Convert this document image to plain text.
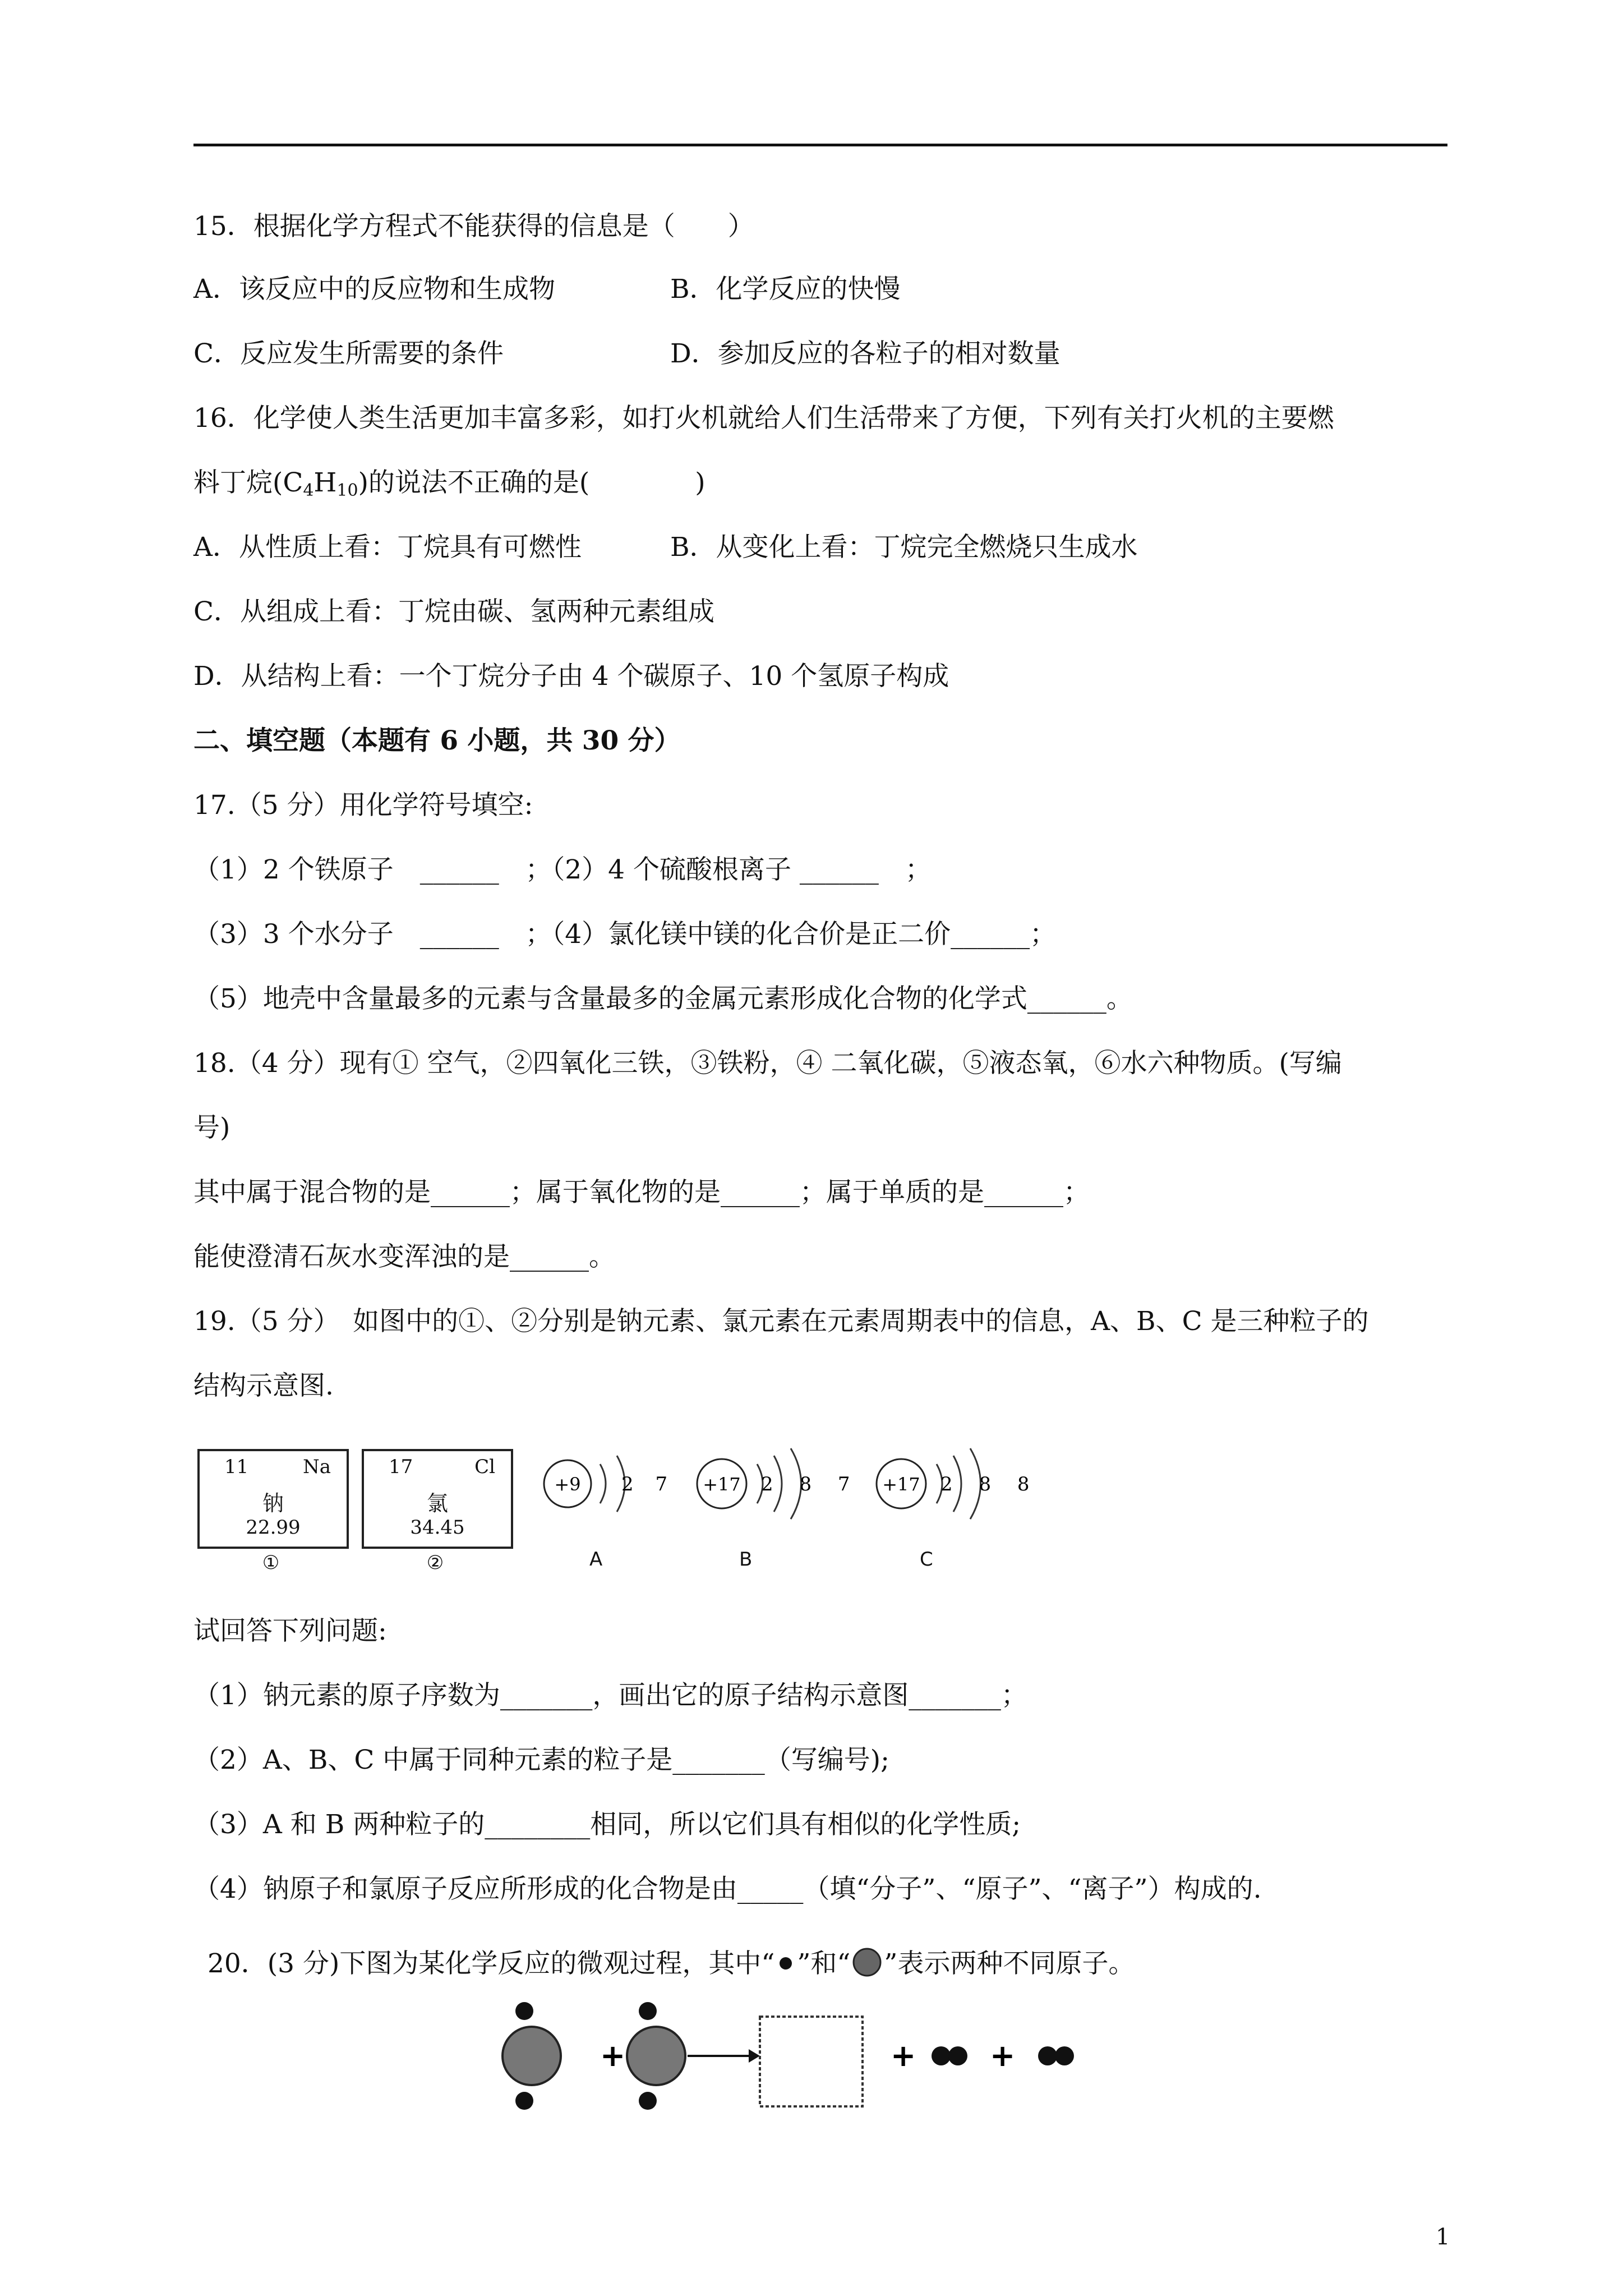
15．根据化学方程式不能获得的信息是（　　）
A．该反应中的反应物和生成物	B．化学反应的快慢
C．反应发生所需要的条件	D．参加反应的各粒子的相对数量
16．化学使人类生活更加丰富多彩，如打火机就给人们生活带来了方便，下列有关打火机的主要燃
料丁烷$(C_4H_{10})$的说法不正确的是(　　　　)
A．从性质上看：丁烷具有可燃性	B．从变化上看：丁烷完全燃烧只生成水
C．从组成上看：丁烷由碳、氢两种元素组成
D．从结构上看：一个丁烷分子由 4 个碳原子、10 个氢原子构成
二、填空题（本题有 6 小题，共 30 分）
17.（5 分）用化学符号填空:
（1）2 个铁原子　______　；（2）4 个硫酸根离子 ______　；
（3）3 个水分子　______　；（4）氯化镁中镁的化合价是正二价______；
（5）地壳中含量最多的元素与含量最多的金属元素形成化合物的化学式______。
18.（4 分）现有① 空气，②四氧化三铁，③铁粉，④ 二氧化碳，⑤液态氧，⑥水六种物质。(写编
号)
其中属于混合物的是______；属于氧化物的是______；属于单质的是______；
能使澄清石灰水变浑浊的是______。
19.（5 分）　如图中的①、②分别是钠元素、氯元素在元素周期表中的信息，A、B、C 是三种粒子的
结构示意图.
11	Na
钠
22.99
①
17	Cl
氯
34.45
②
+9 2 7
A
+17 2 8 7
B
+17 2 8 8
C
试回答下列问题:
（1）钠元素的原子序数为_______，画出它的原子结构示意图_______；
（2）A、B、C 中属于同种元素的粒子是_______（写编号);
（3）A 和 B 两种粒子的________相同，所以它们具有相似的化学性质;
（4）钠原子和氯原子反应所形成的化合物是由_____（填“分子”、“原子”、“离子”）构成的.
20．(3 分)下图为某化学反应的微观过程，其中“ ”和“ ”表示两种不同原子。
+	+ +
1
